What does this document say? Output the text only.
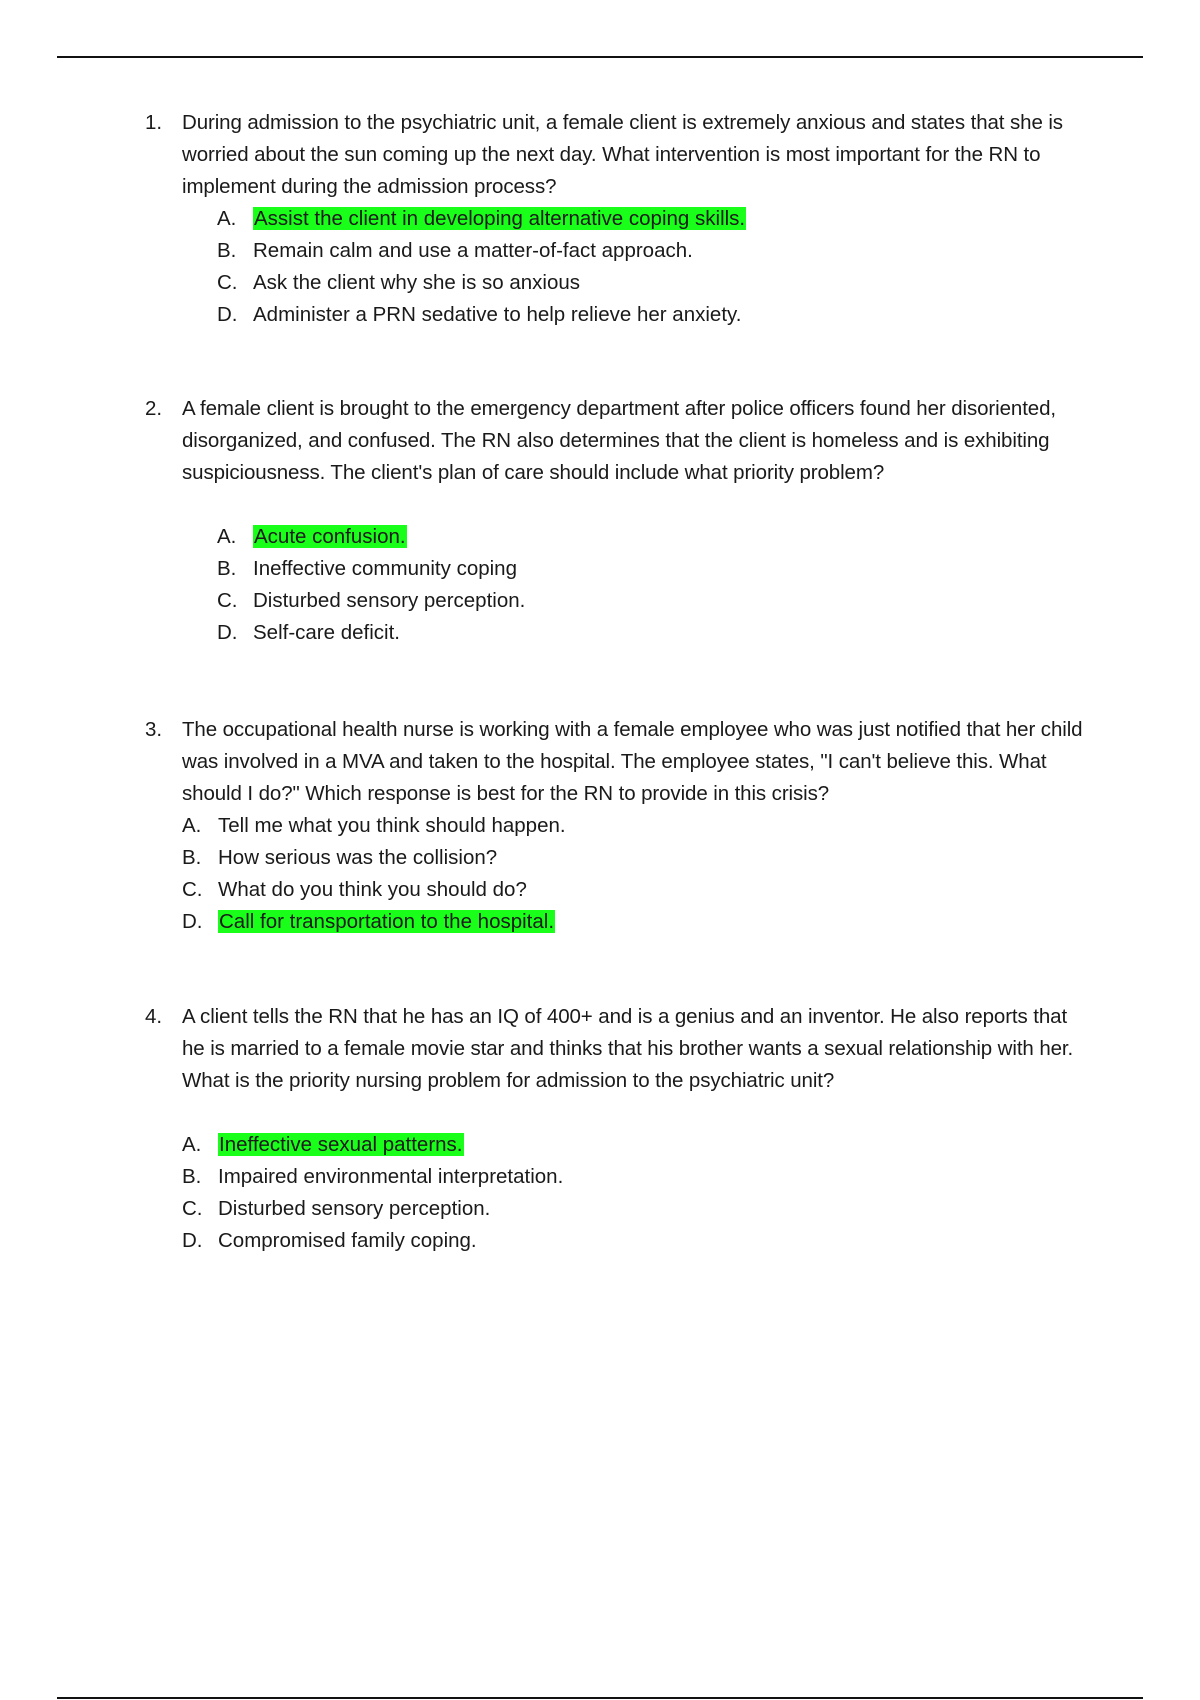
1. During admission to the psychiatric unit, a female client is extremely anxious and states that she is worried about the sun coming up the next day. What intervention is most important for the RN to implement during the admission process?
A. Assist the client in developing alternative coping skills.
B. Remain calm and use a matter-of-fact approach.
C. Ask the client why she is so anxious
D. Administer a PRN sedative to help relieve her anxiety.
2. A female client is brought to the emergency department after police officers found her disoriented, disorganized, and confused. The RN also determines that the client is homeless and is exhibiting suspiciousness. The client's plan of care should include what priority problem?
A. Acute confusion.
B. Ineffective community coping
C. Disturbed sensory perception.
D. Self-care deficit.
3. The occupational health nurse is working with a female employee who was just notified that her child was involved in a MVA and taken to the hospital. The employee states, "I can't believe this. What should I do?" Which response is best for the RN to provide in this crisis?
A. Tell me what you think should happen.
B. How serious was the collision?
C. What do you think you should do?
D. Call for transportation to the hospital.
4. A client tells the RN that he has an IQ of 400+ and is a genius and an inventor. He also reports that he is married to a female movie star and thinks that his brother wants a sexual relationship with her. What is the priority nursing problem for admission to the psychiatric unit?
A. Ineffective sexual patterns.
B. Impaired environmental interpretation.
C. Disturbed sensory perception.
D. Compromised family coping.
